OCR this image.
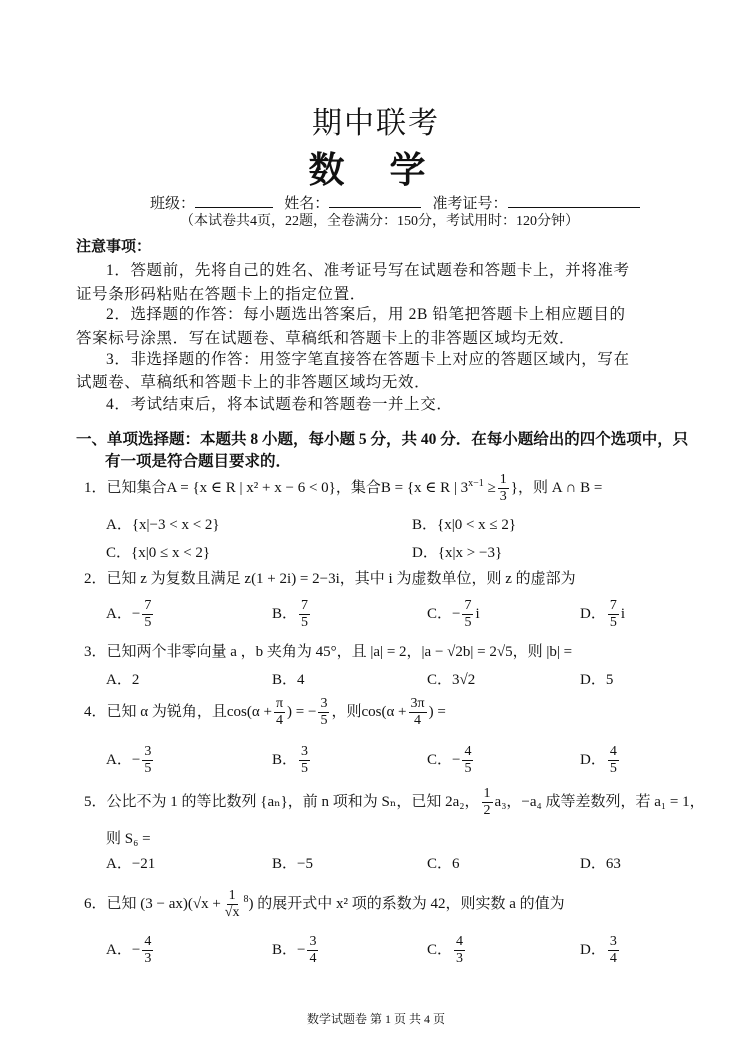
期中联考
数 学
班级：	姓名：	准考证号：
（本试卷共4页，22题，全卷满分：150分，考试用时：120分钟）
注意事项：
1．答题前，先将自己的姓名、准考证号写在试题卷和答题卡上，并将准考
证号条形码粘贴在答题卡上的指定位置．
2．选择题的作答：每小题选出答案后，用 2B 铅笔把答题卡上相应题目的
答案标号涂黑．写在试题卷、草稿纸和答题卡上的非答题区域均无效．
3．非选择题的作答：用签字笔直接答在答题卡上对应的答题区域内，写在
试题卷、草稿纸和答题卡上的非答题区域均无效．
4．考试结束后，将本试题卷和答题卷一并上交．
一、单项选择题：本题共 8 小题，每小题 5 分，共 40 分．在每小题给出的四个选项中，只
有一项是符合题目要求的．
1．已知集合A = {x ∈ R | x² + x − 6 < 0}，集合B = {x ∈ R | $3^{x-1} \ge \frac{1}{3}$ }，则 A ∩ B =
A．{x|−3 < x < 2}	B．{x|0 < x ≤ 2}
C．{x|0 ≤ x < 2}	D．{x|x > −3}
2．已知 z 为复数且满足 z(1 + 2i) = 2−3i，其中 i 为虚数单位，则 z 的虚部为
A．− $\frac{7}{5}$	B． $\frac{7}{5}$	C．− $\frac{7}{5}$ i	D． $\frac{7}{5}$ i
3．已知两个非零向量 a ，b 夹角为 45°，且 |a| = 2，|a − √2b| = 2√5，则 |b| =
A．2	B．4	C．3√2	D．5
4．已知 α 为锐角，且$\cos(\alpha + \frac{\pi}{4}$ ) = − $\frac{3}{5}$ ，则$\cos(\alpha + \frac{3\pi}{4}$ ) =
A．− $\frac{3}{5}$	B． $\frac{3}{5}$	C．− $\frac{4}{5}$	D． $\frac{4}{5}$
5．公比不为 1 的等比数列 {aₙ}，前 n 项和为 Sₙ，已知 2a₂， $\frac{1}{2} a_3$，−a₄ 成等差数列，若 a₁ = 1，
则 S₆ =
A．−21	B．−5	C．6	D．63
6．已知 $(3 - ax)(√x + \frac{1}{√x} ^8)$ 的展开式中 x² 项的系数为 42，则实数 a 的值为
A．− $\frac{4}{3}$	B．− $\frac{3}{4}$	C． $\frac{4}{3}$	D． $\frac{3}{4}$
数学试题卷 第 1 页 共 4 页
